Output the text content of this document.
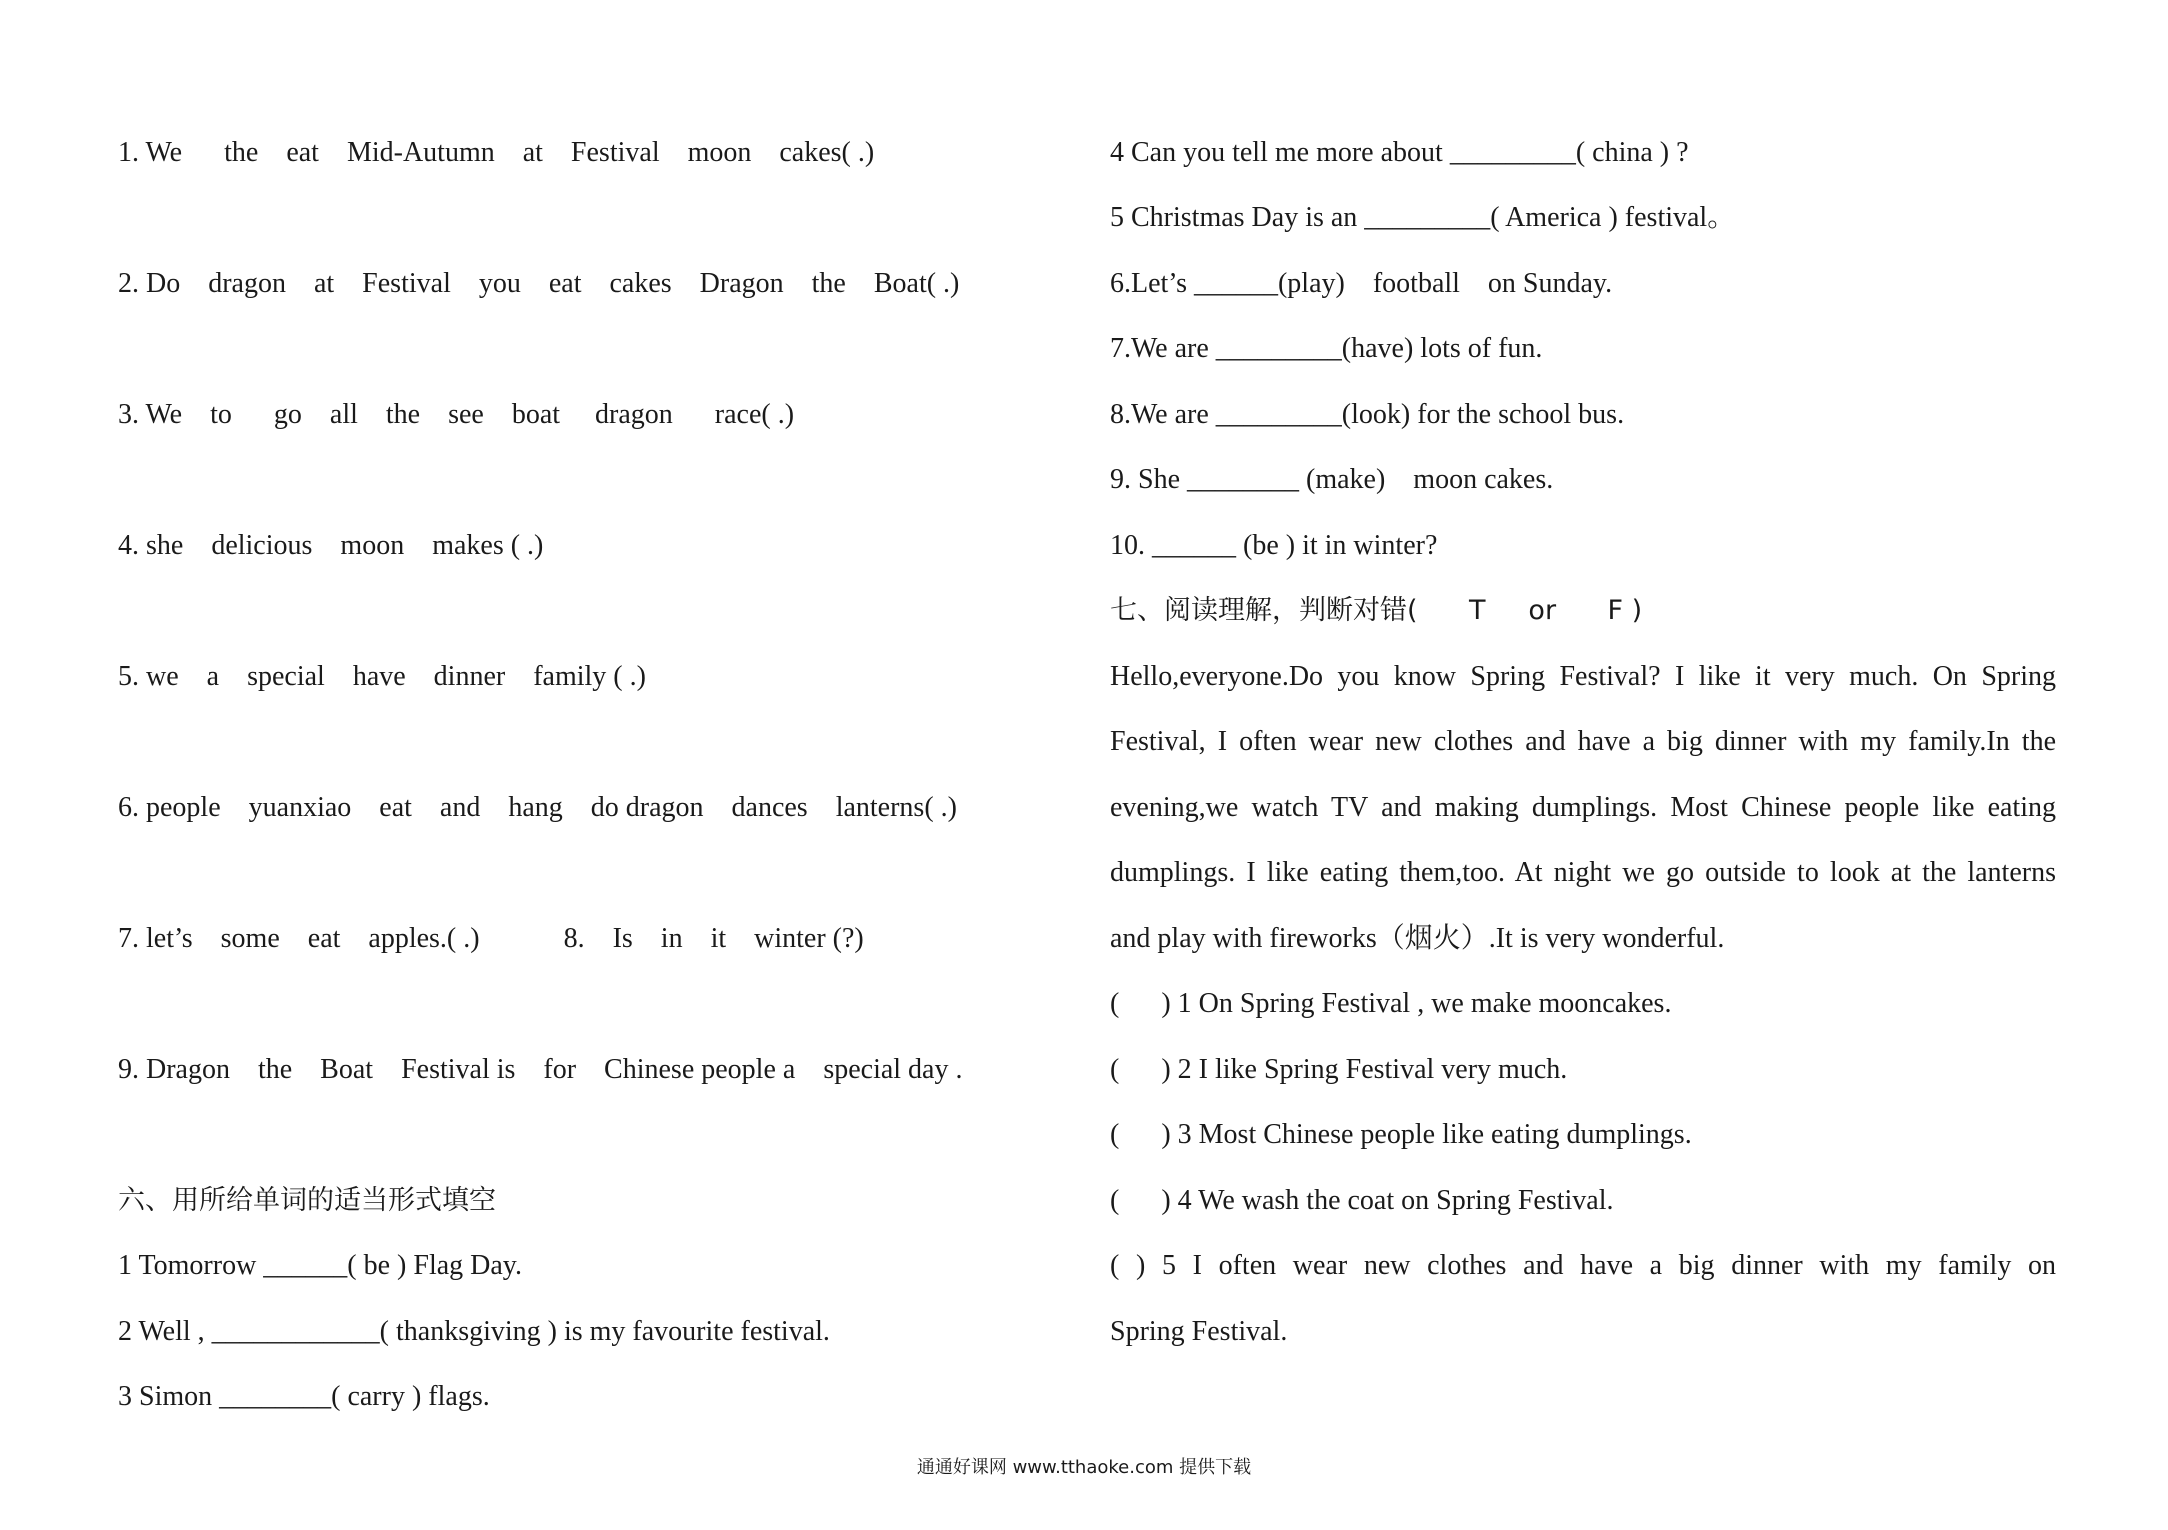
1. We      the    eat    Mid-Autumn    at    Festival    moon    cakes( .)
2. Do    dragon    at    Festival    you    eat    cakes    Dragon    the    Boat( .)
3. We    to      go    all    the    see    boat     dragon      race( .)
4. she    delicious    moon    makes ( .)
5. we    a    special    have    dinner    family ( .)
6. people    yuanxiao    eat    and    hang    do dragon    dances    lanterns( .)
7. let’s    some    eat    apples.( .)            8.    Is    in    it    winter (?)
9. Dragon    the    Boat    Festival is    for    Chinese people a    special day .
六、用所给单词的适当形式填空
1 Tomorrow ______( be ) Flag Day.
2 Well , ____________( thanksgiving ) is my favourite festival.
3 Simon ________( carry ) flags.
4 Can you tell me more about _________( china ) ?
5 Christmas Day is an _________( America ) festival。
6.Let’s ______(play)    football    on Sunday.
7.We are _________(have) lots of fun.
8.We are _________(look) for the school bus.
9. She ________ (make)    moon cakes.
10. ______ (be ) it in winter?
七、阅读理解，判断对错(      T     or      F )
Hello,everyone.Do you know Spring Festival? I like it very much. On Spring
Festival, I often wear new clothes and have a big dinner with my family.In the
evening,we watch TV and making dumplings. Most Chinese people like eating
dumplings. I like eating them,too. At night we go outside to look at the lanterns
and play with fireworks（烟火）.It is very wonderful.
(      ) 1 On Spring Festival , we make mooncakes.
(      ) 2 I like Spring Festival very much.
(      ) 3 Most Chinese people like eating dumplings.
(      ) 4 We wash the coat on Spring Festival.
( ) 5 I often wear new clothes and have a big dinner with my family on
Spring Festival.
通通好课网 www.tthaoke.com 提供下载
